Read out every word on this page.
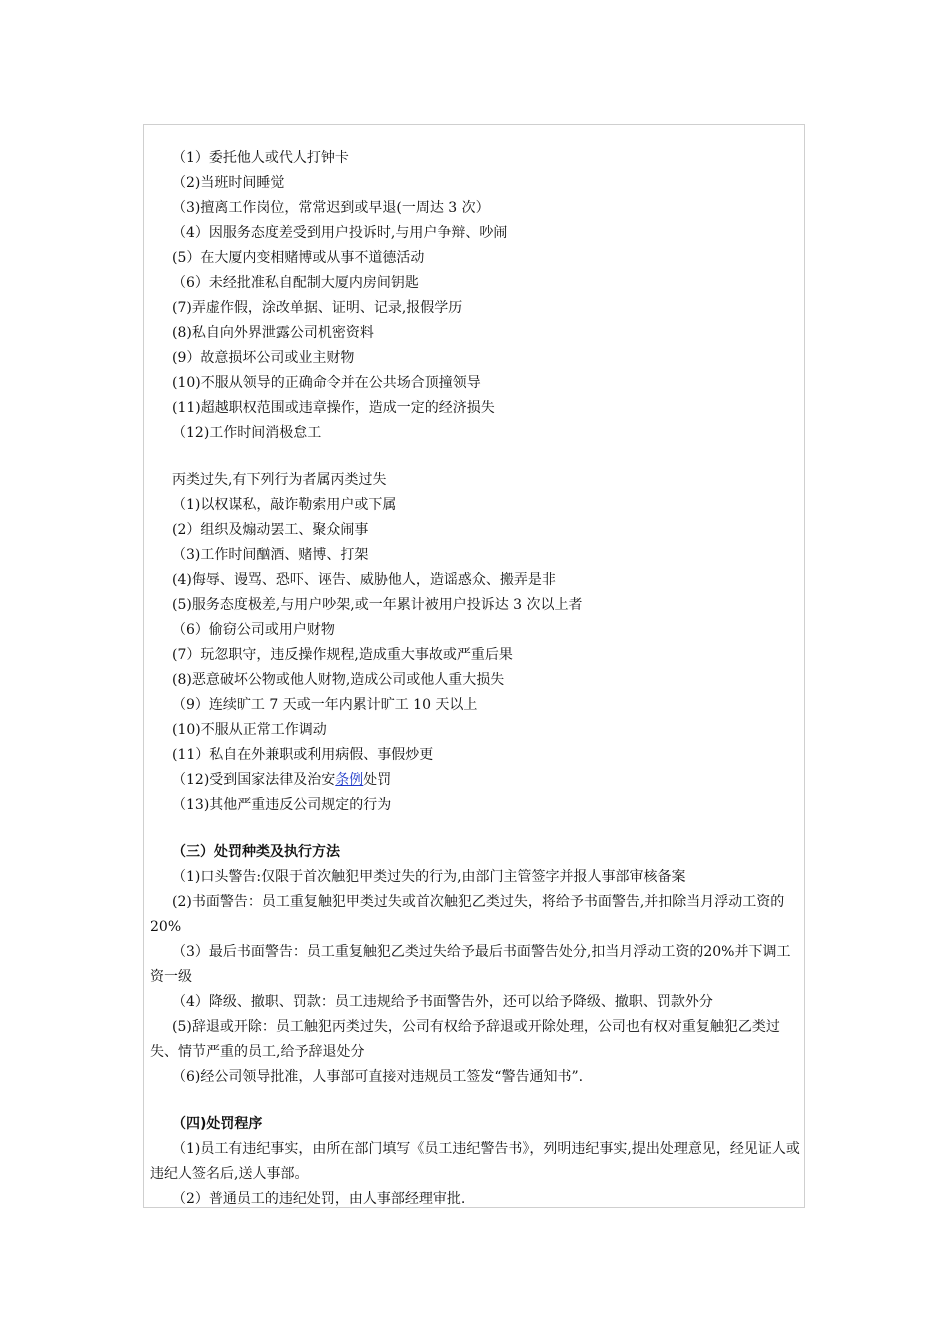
（1）委托他人或代人打钟卡
（2)当班时间睡觉
（3)擅离工作岗位，常常迟到或早退(一周达 3 次）
（4）因服务态度差受到用户投诉时,与用户争辩、吵闹
(5）在大厦内变相赌博或从事不道德活动
（6）未经批准私自配制大厦内房间钥匙
(7)弄虚作假，涂改单据、证明、记录,报假学历
(8)私自向外界泄露公司机密资料
(9）故意损坏公司或业主财物
(10)不服从领导的正确命令并在公共场合顶撞领导
(11)超越职权范围或违章操作，造成一定的经济损失
（12)工作时间消极怠工
丙类过失,有下列行为者属丙类过失
（1)以权谋私，敲诈勒索用户或下属
(2）组织及煽动罢工、聚众闹事
（3)工作时间酗酒、赌博、打架
(4)侮辱、谩骂、恐吓、诬告、威胁他人，造谣惑众、搬弄是非
(5)服务态度极差,与用户吵架,或一年累计被用户投诉达 3 次以上者
（6）偷窃公司或用户财物
(7）玩忽职守，违反操作规程,造成重大事故或严重后果
(8)恶意破坏公物或他人财物,造成公司或他人重大损失
（9）连续旷工 7 天或一年内累计旷工 10 天以上
(10)不服从正常工作调动
(11）私自在外兼职或利用病假、事假炒更
（12)受到国家法律及治安条例处罚
（13)其他严重违反公司规定的行为
（三）处罚种类及执行方法
（1)口头警告:仅限于首次触犯甲类过失的行为,由部门主管签字并报人事部审核备案
(2)书面警告：员工重复触犯甲类过失或首次触犯乙类过失，将给予书面警告,并扣除当月浮动工资的 20%
（3）最后书面警告：员工重复触犯乙类过失给予最后书面警告处分,扣当月浮动工资的20%并下调工资一级
（4）降级、撤职、罚款：员工违规给予书面警告外，还可以给予降级、撤职、罚款外分
(5)辞退或开除：员工触犯丙类过失，公司有权给予辞退或开除处理，公司也有权对重复触犯乙类过失、情节严重的员工,给予辞退处分
（6)经公司领导批准，人事部可直接对违规员工签发“警告通知书”.
（四)处罚程序
（1)员工有违纪事实，由所在部门填写《员工违纪警告书》，列明违纪事实,提出处理意见，经见证人或违纪人签名后,送人事部。
（2）普通员工的违纪处罚，由人事部经理审批.
